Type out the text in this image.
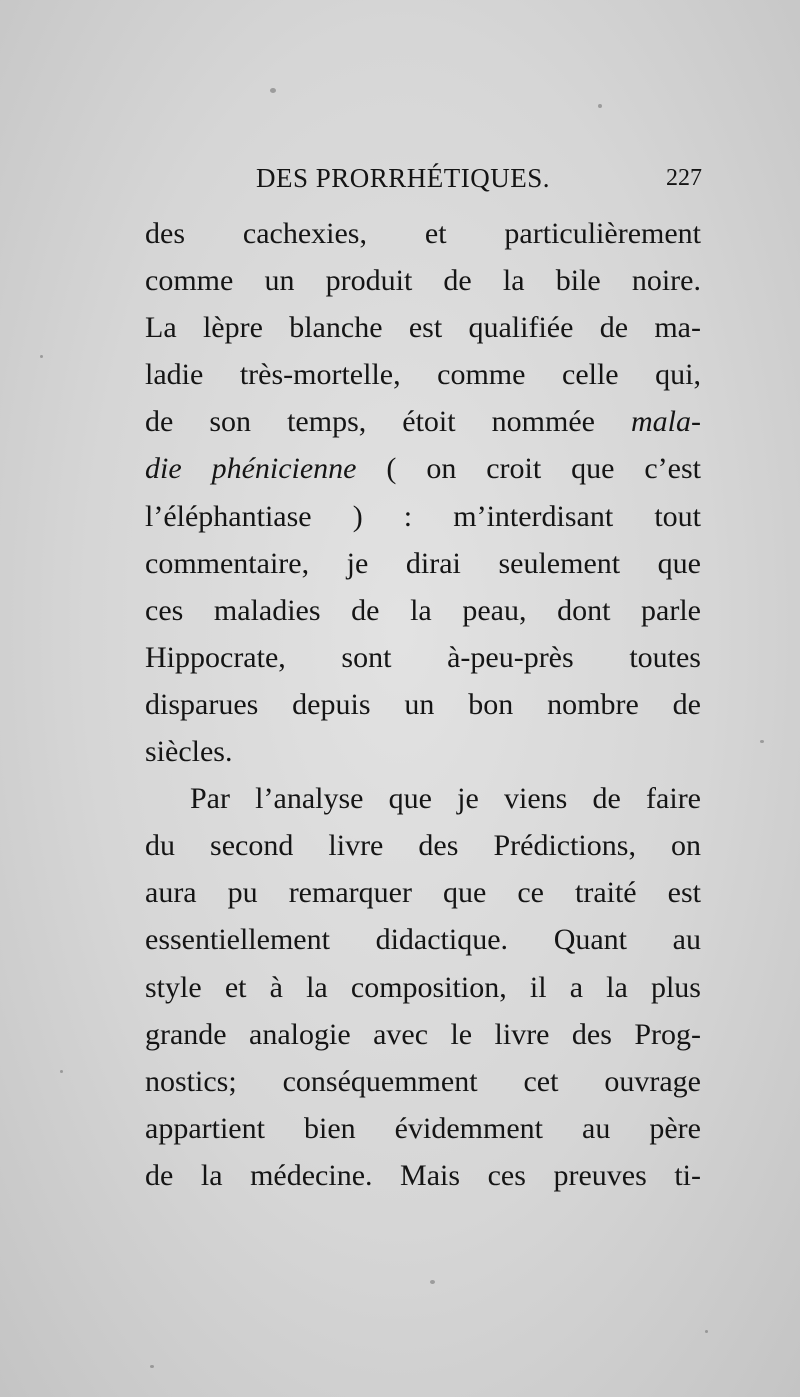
DES PRORRHÉTIQUES.	227
des cachexies, et particulièrement
comme un produit de la bile noire.
La lèpre blanche est qualifiée de ma-
ladie très-mortelle, comme celle qui,
de son temps, étoit nommée mala-
die phénicienne ( on croit que c’est
l’éléphantiase ) : m’interdisant tout
commentaire, je dirai seulement que
ces maladies de la peau, dont parle
Hippocrate, sont à-peu-près toutes
disparues depuis un bon nombre de
siècles.
Par l’analyse que je viens de faire
du second livre des Prédictions, on
aura pu remarquer que ce traité est
essentiellement didactique. Quant au
style et à la composition, il a la plus
grande analogie avec le livre des Prog-
nostics; conséquemment cet ouvrage
appartient bien évidemment au père
de la médecine. Mais ces preuves ti-
